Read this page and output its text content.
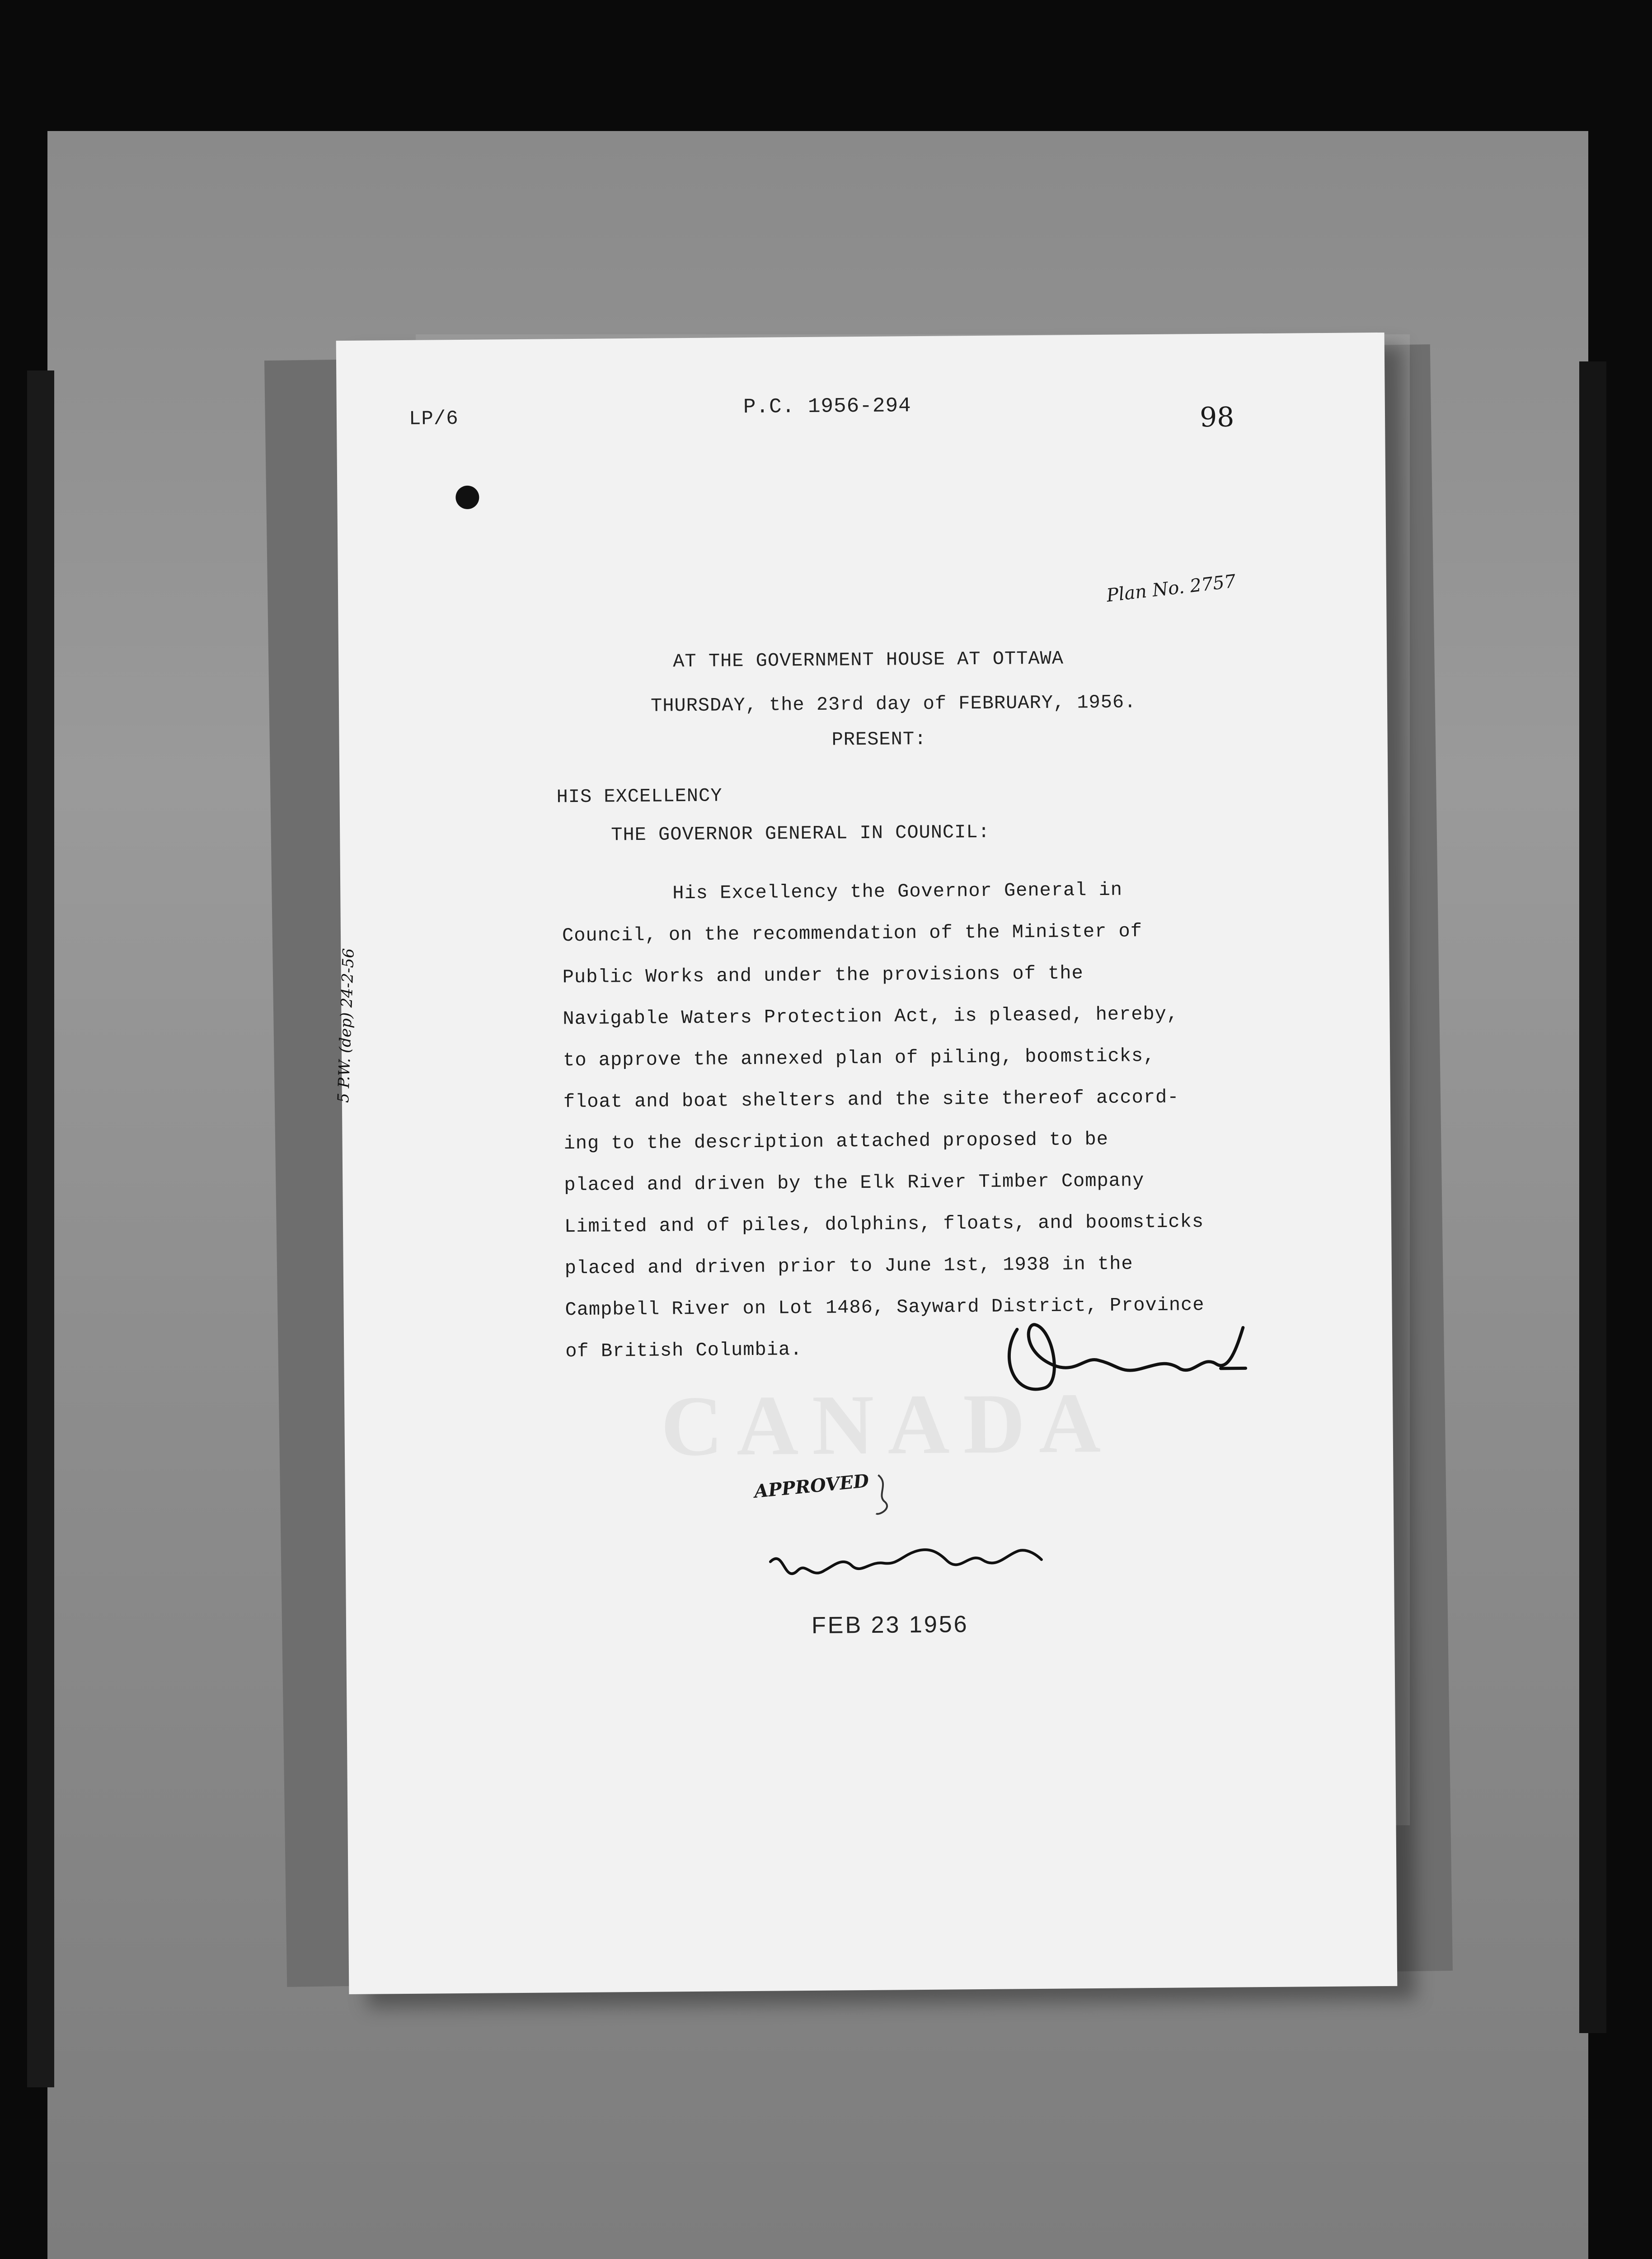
CANADA
LP/6
P.C. 1956-294	98
Plan No. 2757
AT THE GOVERNMENT HOUSE AT OTTAWA
THURSDAY, the 23rd day of FEBRUARY, 1956.
PRESENT:
HIS EXCELLENCY
THE GOVERNOR GENERAL IN COUNCIL:
His Excellency the Governor General in
Council, on the recommendation of the Minister of
Public Works and under the provisions of the
Navigable Waters Protection Act, is pleased, hereby,
to approve the annexed plan of piling, boomsticks,
float and boat shelters and the site thereof accord-
ing to the description attached proposed to be
placed and driven by the Elk River Timber Company
Limited and of piles, dolphins, floats, and boomsticks
placed and driven prior to June 1st, 1938 in the
Campbell River on Lot 1486, Sayward District, Province
of British Columbia.
APPROVED
FEB 23 1956
5 P.W. (dep) 24-2-56
